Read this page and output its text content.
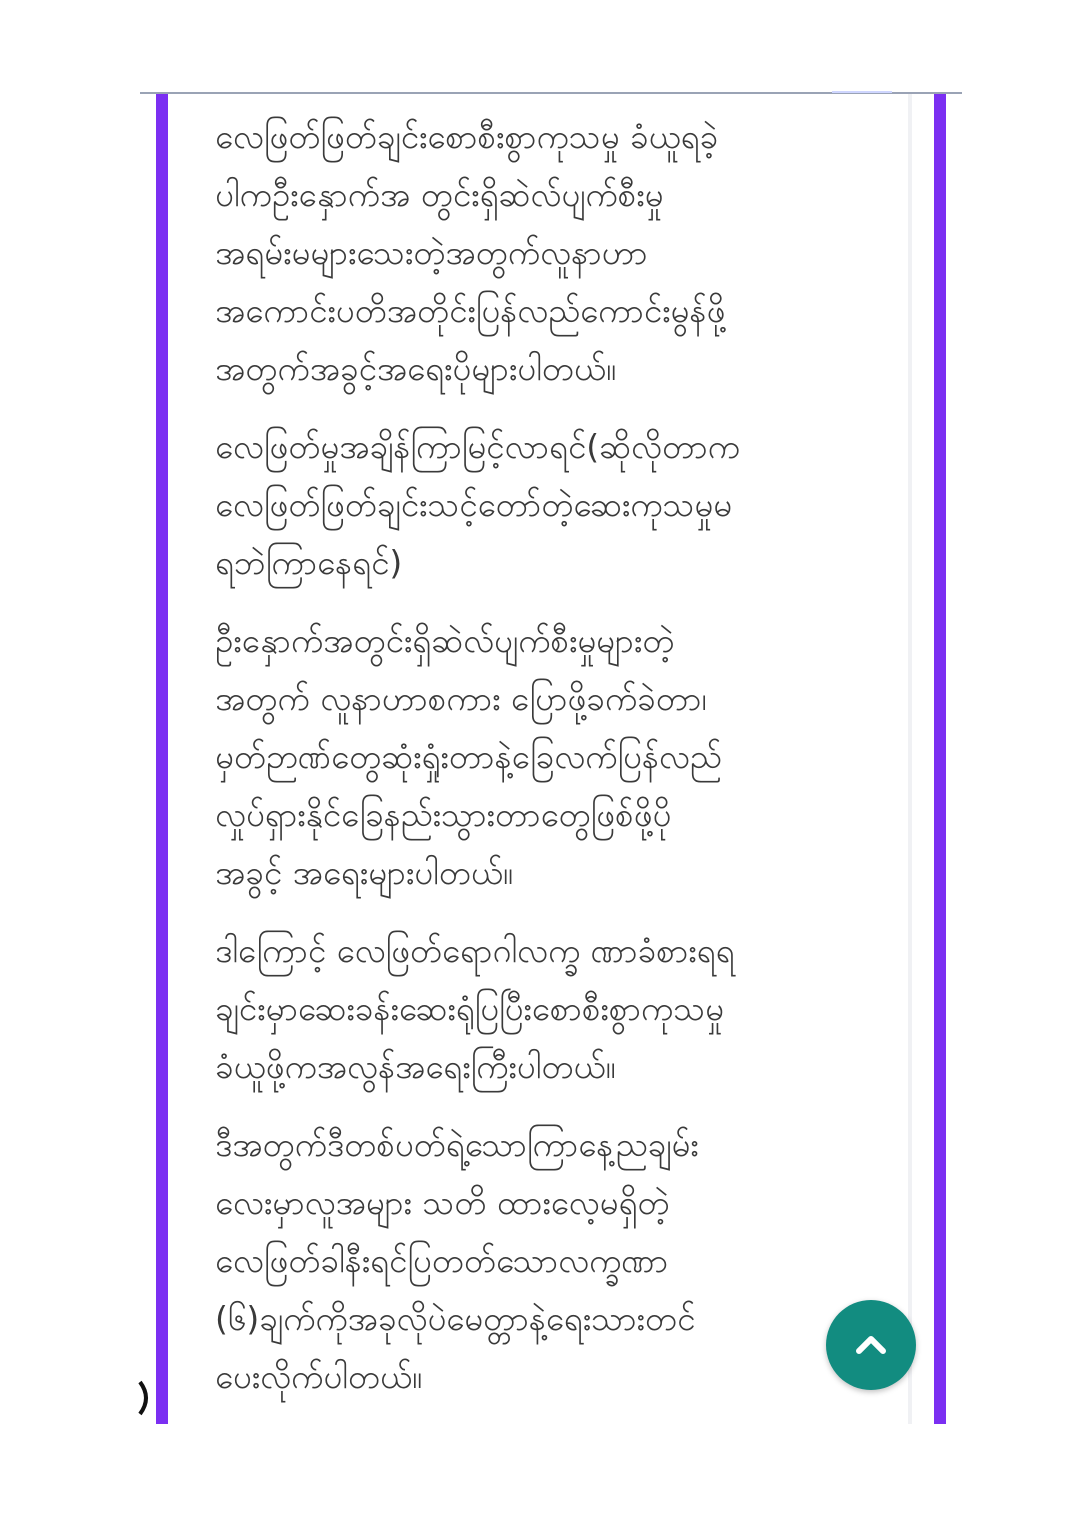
လေဖြတ်ဖြတ်ချင်းစောစီးစွာကုသမှု ခံယူရခဲ့
ပါကဦးနှောက်အ တွင်းရှိဆဲလ်ပျက်စီးမှု
အရမ်းမများသေးတဲ့အတွက်လူနာဟာ
အကောင်းပတိအတိုင်းပြန်လည်ကောင်းမွန်ဖို့
အတွက်အခွင့်အရေးပိုများပါတယ်။

လေဖြတ်မှုအချိန်ကြာမြင့်လာရင်(ဆိုလိုတာက
လေဖြတ်ဖြတ်ချင်းသင့်တော်တဲ့ဆေးကုသမှုမ
ရဘဲကြာနေရင်)

ဦးနှောက်အတွင်းရှိဆဲလ်ပျက်စီးမှုများတဲ့
အတွက် လူနာဟာစကား ပြောဖို့ခက်ခဲတာ၊
မှတ်ဉာဏ်တွေဆုံးရှုံးတာနဲ့ခြေလက်ပြန်လည်
လှုပ်ရှားနိုင်ခြေနည်းသွားတာတွေဖြစ်ဖို့ပို
အခွင့် အရေးများပါတယ်။

ဒါကြောင့် လေဖြတ်ရောဂါလက္ခ ဏာခံစားရရ
ချင်းမှာဆေးခန်းဆေးရုံပြပြီးစောစီးစွာကုသမှု
ခံယူဖို့ကအလွန်အရေးကြီးပါတယ်။

ဒီအတွက်ဒီတစ်ပတ်ရဲ့သောကြာနေ့ညချမ်း
လေးမှာလူအများ သတိ ထားလေ့မရှိတဲ့
လေဖြတ်ခါနီးရင်ပြတတ်သောလက္ခဏာ
(၆)ချက်ကိုအခုလိုပဲမေတ္တာနဲ့ရေးသားတင်
ပေးလိုက်ပါတယ်။
